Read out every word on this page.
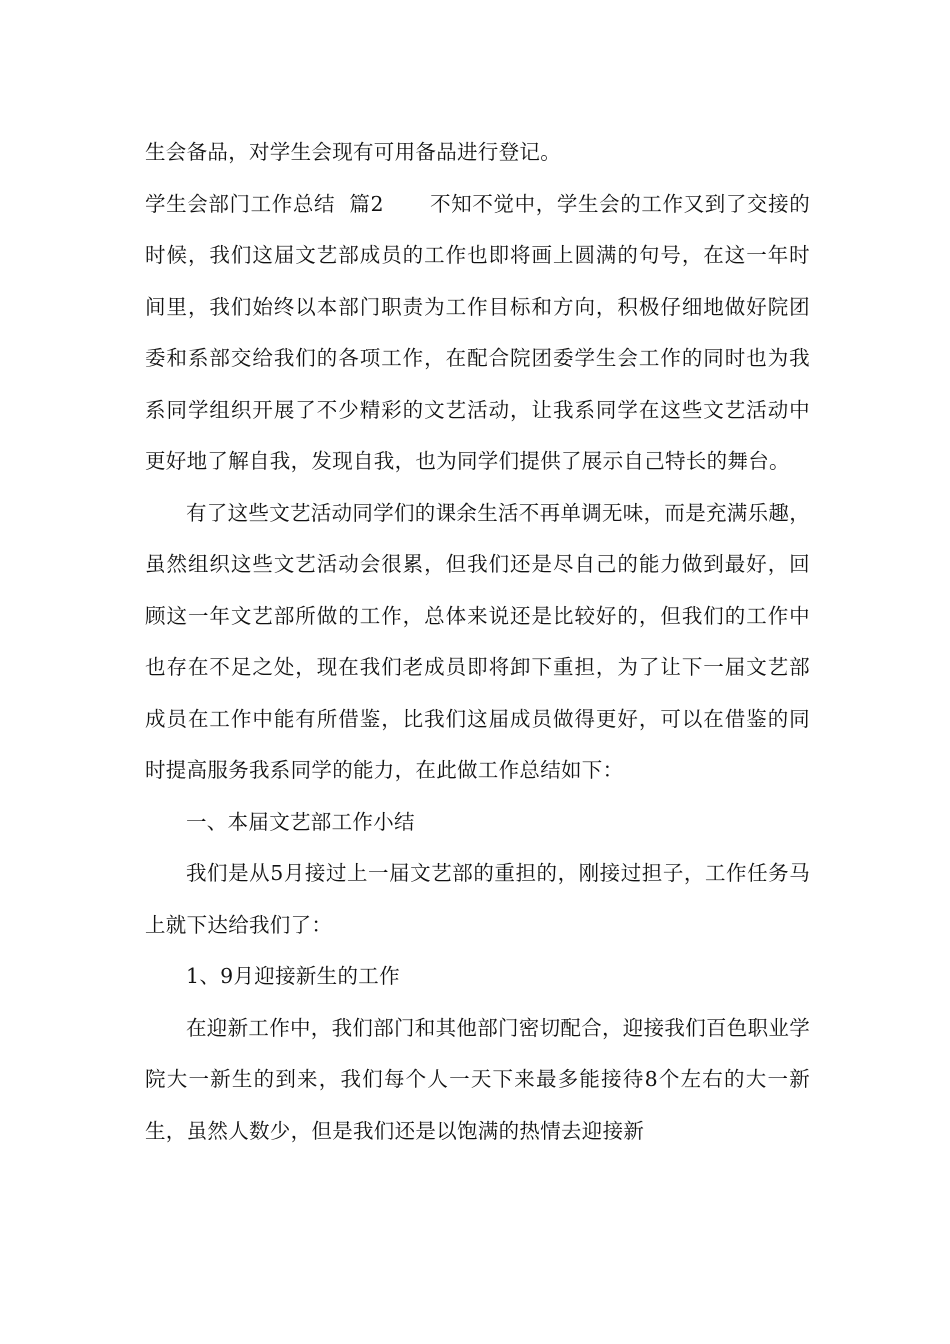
生会备品，对学生会现有可用备品进行登记。

学生会部门工作总结  篇2 不知不觉中，学生会的工作又到了交接的时候，我们这届文艺部成员的工作也即将画上圆满的句号，在这一年时间里，我们始终以本部门职责为工作目标和方向，积极仔细地做好院团委和系部交给我们的各项工作，在配合院团委学生会工作的同时也为我系同学组织开展了不少精彩的文艺活动，让我系同学在这些文艺活动中更好地了解自我，发现自我，也为同学们提供了展示自己特长的舞台。

有了这些文艺活动同学们的课余生活不再单调无味，而是充满乐趣，虽然组织这些文艺活动会很累，但我们还是尽自己的能力做到最好，回顾这一年文艺部所做的工作，总体来说还是比较好的，但我们的工作中也存在不足之处，现在我们老成员即将卸下重担，为了让下一届文艺部成员在工作中能有所借鉴，比我们这届成员做得更好，可以在借鉴的同时提高服务我系同学的能力，在此做工作总结如下：

一、本届文艺部工作小结

我们是从5月接过上一届文艺部的重担的，刚接过担子，工作任务马上就下达给我们了：

1、9月迎接新生的工作

在迎新工作中，我们部门和其他部门密切配合，迎接我们百色职业学院大一新生的到来，我们每个人一天下来最多能接待8个左右的大一新生，虽然人数少，但是我们还是以饱满的热情去迎接新
